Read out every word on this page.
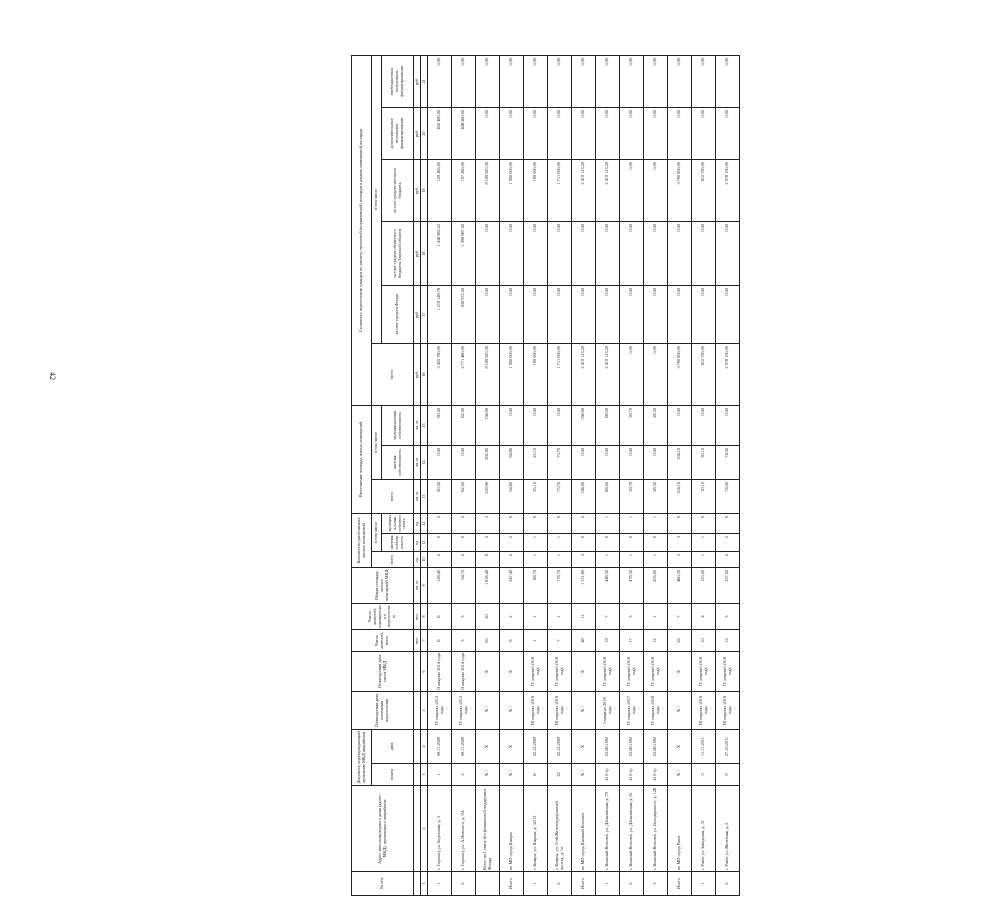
42
№ п/п	Адрес многоквартирного дома (далее - МКД), признанного аварийным	Документ, подтверждающий признание МКД аварийным		Планируемая дата окончания переселения	Планируемая дата сноса МКД	Число жителей, всего	Число жителей, планируемых к переселению	Общая площадь жилых помещений МКД	Количество расселяемых жилых помещений			Расселяемая площадь жилых помещений			Стоимость переселения граждан по расчету проектной (нормативной) площади в рамках занимаемой площади					
		номер	дата						всего	в том числе		всего	в том числе		всего	в том числе				
										частная собственность	муниципальная собственность		частная собственность	муниципальная собственность		за счет средств Фонда	за счет средств областного бюджета Тверской области	за счет средств местного бюджета	дополнительные источники финансирования	внебюджетных источников финансирования
						чел.	чел.	кв. м	ед.	ед.	ед.	кв. м	кв. м	кв. м	руб.	руб.	руб.	руб.	руб.	руб.
1	2	3	4	5	6	7	8	9	10	11	12	13	14	15	16	17	18	19	20	21
1	г. Торопец, ул. Березовая, д. 3	1	09.11.2009	IV квартал 2013 года	II квартал 2014 года	6	6	128,40	2	0	2	80,50	0,00	80,50	3 435 780,00	1 219 149,78	1 436 885,22	129 265,00	650 480,00	0,00
2	г. Торопец, ул. А.Невского, д. 9А	5	09.11.2009	IV квартал 2013 года	II квартал 2014 года	3	3	94,70	2	0	2	62,00	0,00	62,00	2 771 460,00	938 972,50	1 098 967,50	107 260,00	626 260,00	0,00
	Всего по I этапу без финансовой поддержки Фонда	X	X	X	X	83	20	1 816,40	8	5	3	338,90	202,90	136,00	8 109 923,30	0,00	0,00	8 109 923,30	0,00	0,00
Итого	по МО город Кимры	X	X	X	X	8	2	247,40	2	2	0	94,80	94,80	0,00	1 900 000,00	0,00	0,00	1 900 000,00	0,00	0,00
1	г. Кимры, ул. Кирова, д. 32/13	6	22.12.2009	III квартал 2018 года	IV квартал 2018 года	1	1	68,70	1	1	0	25,10	25,10	0,00	189 000,00	0,00	0,00	189 000,00	0,00	0,00
2	г. Кимры, ул. 3-ий Железнодорожный проезд, д. 1в	22	22.12.2009	III квартал 2018 года	IV квартал 2018 года	7	1	178,70	1	1	0	73,70	73,70	0,00	1 711 000,00	0,00	0,00	1 711 000,00	0,00	0,00
Итого	по МО город Вышний Волочек	X	X	X	X	48	11	1 131,80	5	0	5	156,00	0,00	156,00	2 419 123,20	0,00	0,00	2 419 123,20	0,00	0,00
1	г. Вышний Волочек, ул. Д.Бакинская, д. 79	410-1р	25.06.1992	I квартал 2018 года	IV квартал 2018 года	19	7	448,30	1	0	1	68,00	0,00	68,00	2 419 123,20	0,00	0,00	2 419 123,20	0,00	0,00
2	г. Вышний Волочек, ул. Д.Бакинская, д. 81	410-1р	25.06.1992	IV квартал 2017 года	IV квартал 2018 года	17	3	478,30	1	0	1	59,70	0,00	59,70	0,00	0,00	0,00	0,00	0,00	0,00
3	г. Вышний Волочек, ул. Володарского, д. 126	410-1р	25.06.1992	IV квартал 2018 года	IV квартал 2018 года	12	1	205,00	1	0	1	28,30	0,00	28,30	0,00	0,00	0,00	0,00	0,00	0,00
Итого	по МО город Ржев	X	X	X	X	25	7	460,30	3	3	0	104,10	104,10	0,00	3 790 800,00	0,00	0,00	3 790 800,00	0,00	0,00
1	г. Ржев, ул. Заводская, д. 31	3	11.11.2011	III квартал 2018 года	IV квартал 2018 года	10	4	123,00	1	1	0	30,10	30,10	0,00	812 700,00	0,00	0,00	812 700,00	0,00	0,00
2	г. Ржев, ул. Железная, д. 2	9	27.10.2011	III квартал 2018 года	IV квартал 2018 года	15	3	337,00	2	2	0	74,00	74,00	0,00	2 978 100,00	0,00	0,00	2 978 100,00	0,00	0,00
